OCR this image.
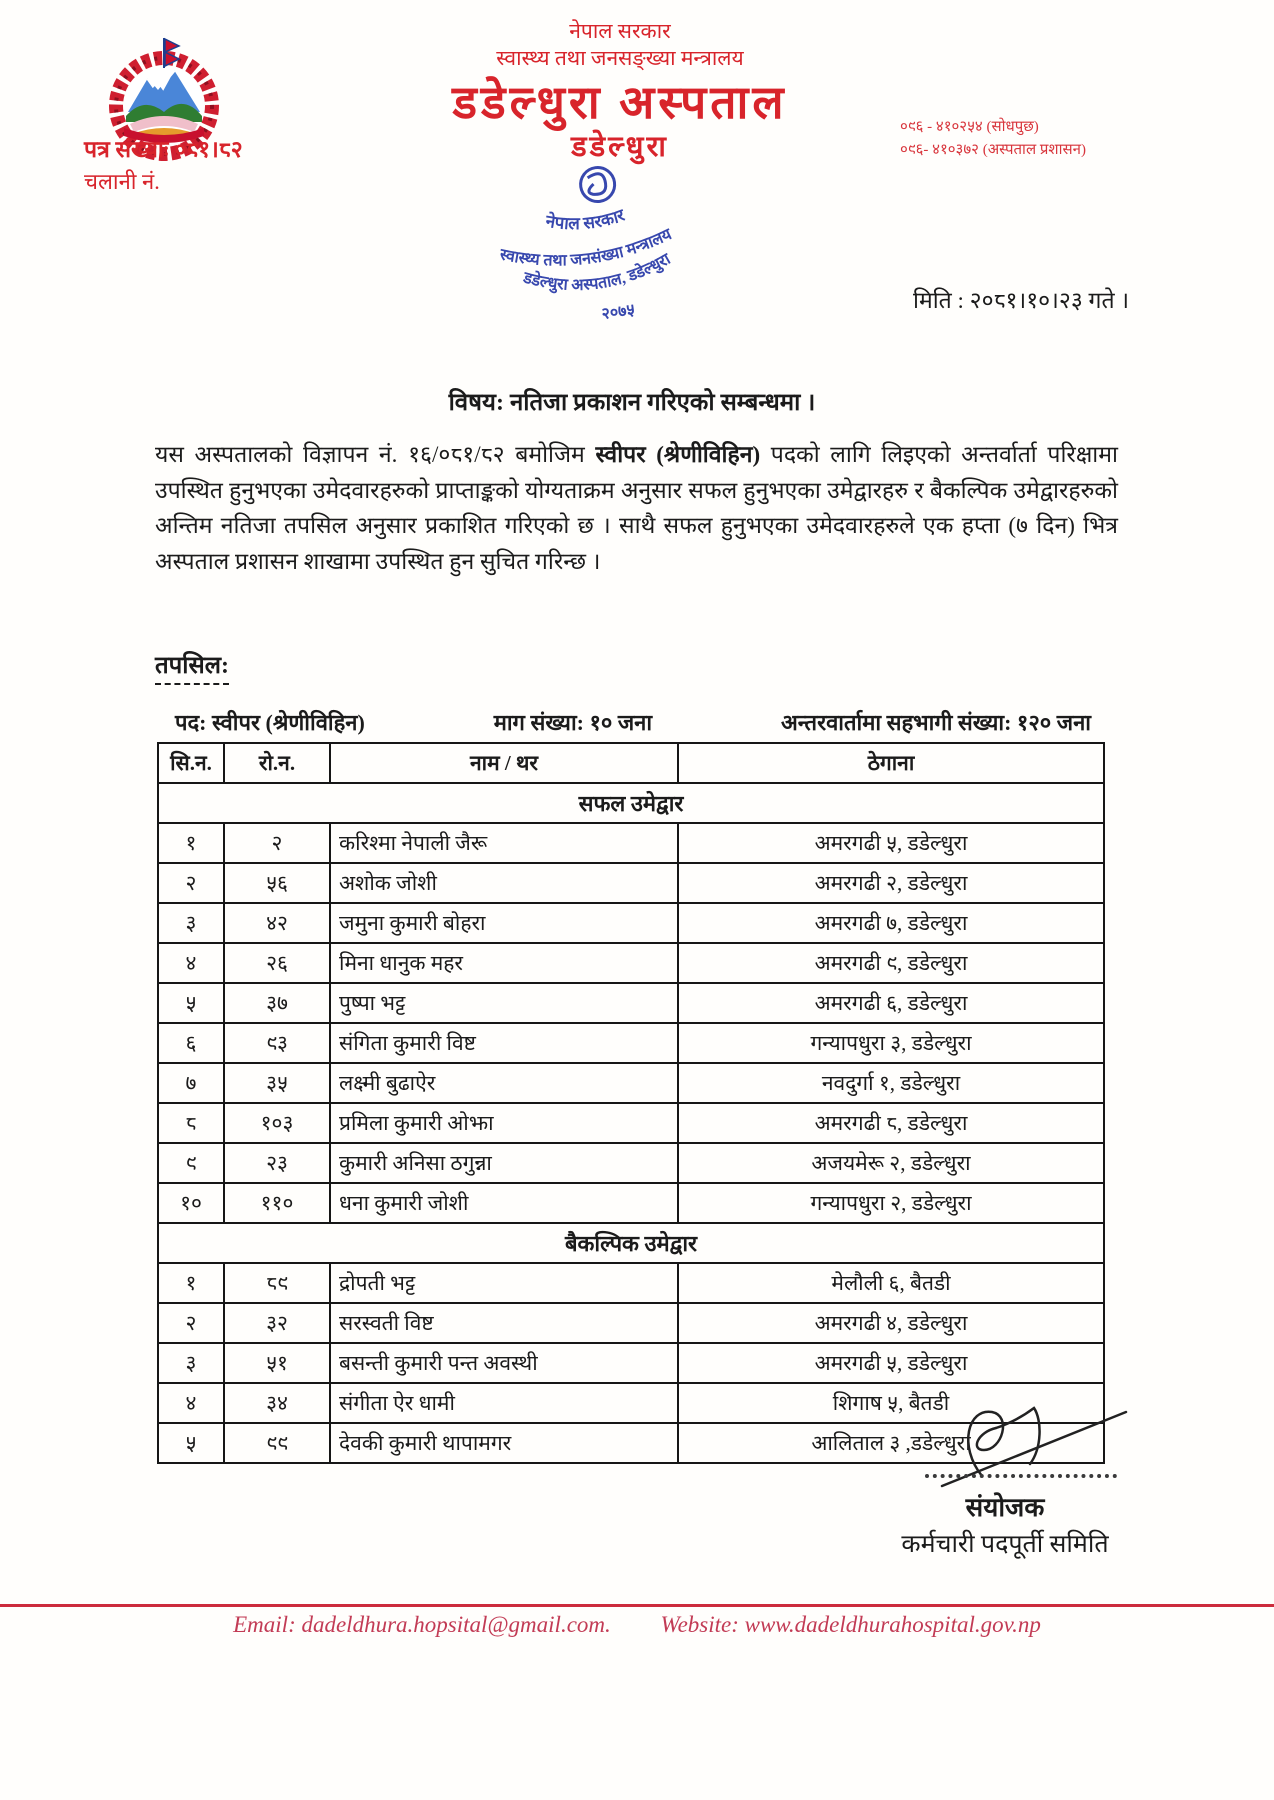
पत्र संख्याः ०८१।८२
चलानी नं.
नेपाल सरकार
स्वास्थ्य तथा जनसङ्ख्या मन्त्रालय
डडेल्धुरा अस्पताल
डडेल्धुरा
०९६ - ४१०२५४ (सोधपुछ)
०९६- ४१०३७२ (अस्पताल प्रशासन)
नेपाल सरकार
स्वास्थ्य तथा जनसंख्या मन्त्रालय
डडेल्धुरा अस्पताल, डडेल्धुरा
२०७५	मिति : २०८१।१०।२३ गते ।
विषय: नतिजा प्रकाशन गरिएको सम्बन्धमा ।
यस अस्पतालको विज्ञापन नं. १६/०८१/८२ बमोजिम स्वीपर (श्रेणीविहिन) पदको लागि लिइएको अन्तर्वार्ता परिक्षामा उपस्थित हुनुभएका उमेदवारहरुको प्राप्ताङ्कको योग्यताक्रम अनुसार सफल हुनुभएका उमेद्वारहरु र बैकल्पिक उमेद्वारहरुको अन्तिम नतिजा तपसिल अनुसार प्रकाशित गरिएको छ । साथै सफल हुनुभएका उमेदवारहरुले एक हप्ता (७ दिन) भित्र अस्पताल प्रशासन शाखामा उपस्थित हुन सुचित गरिन्छ ।
तपसिल:
पद: स्वीपर (श्रेणीविहिन)	माग संख्या: १० जना	अन्तरवार्तामा सहभागी संख्या: १२० जना
सि.न.	रो.न.	नाम / थर	ठेगाना
सफल उमेद्वार			
१	२	करिश्मा नेपाली जैरू	अमरगढी ५, डडेल्धुरा
२	५६	अशोक जोशी	अमरगढी २, डडेल्धुरा
३	४२	जमुना कुमारी बोहरा	अमरगढी ७, डडेल्धुरा
४	२६	मिना धानुक महर	अमरगढी ९, डडेल्धुरा
५	३७	पुष्पा भट्ट	अमरगढी ६, डडेल्धुरा
६	९३	संगिता कुमारी विष्ट	गन्यापधुरा ३, डडेल्धुरा
७	३५	लक्ष्मी बुढाऐर	नवदुर्गा १, डडेल्धुरा
८	१०३	प्रमिला कुमारी ओझा	अमरगढी ८, डडेल्धुरा
९	२३	कुमारी अनिसा ठगुन्ना	अजयमेरू २, डडेल्धुरा
१०	११०	धना कुमारी जोशी	गन्यापधुरा २, डडेल्धुरा
बैकल्पिक उमेद्वार			
१	८९	द्रोपती भट्ट	मेलौली ६, बैतडी
२	३२	सरस्वती विष्ट	अमरगढी ४, डडेल्धुरा
३	५१	बसन्ती कुमारी पन्त अवस्थी	अमरगढी ५, डडेल्धुरा
४	३४	संगीता ऐर धामी	शिगाष ५, बैतडी
५	९९	देवकी कुमारी थापामगर	आलिताल ३ ,डडेल्धुरा
संयोजक
कर्मचारी पदपूर्ती समिति
Email: dadeldhura.hopsital@gmail.com. Website: www.dadeldhurahospital.gov.np
